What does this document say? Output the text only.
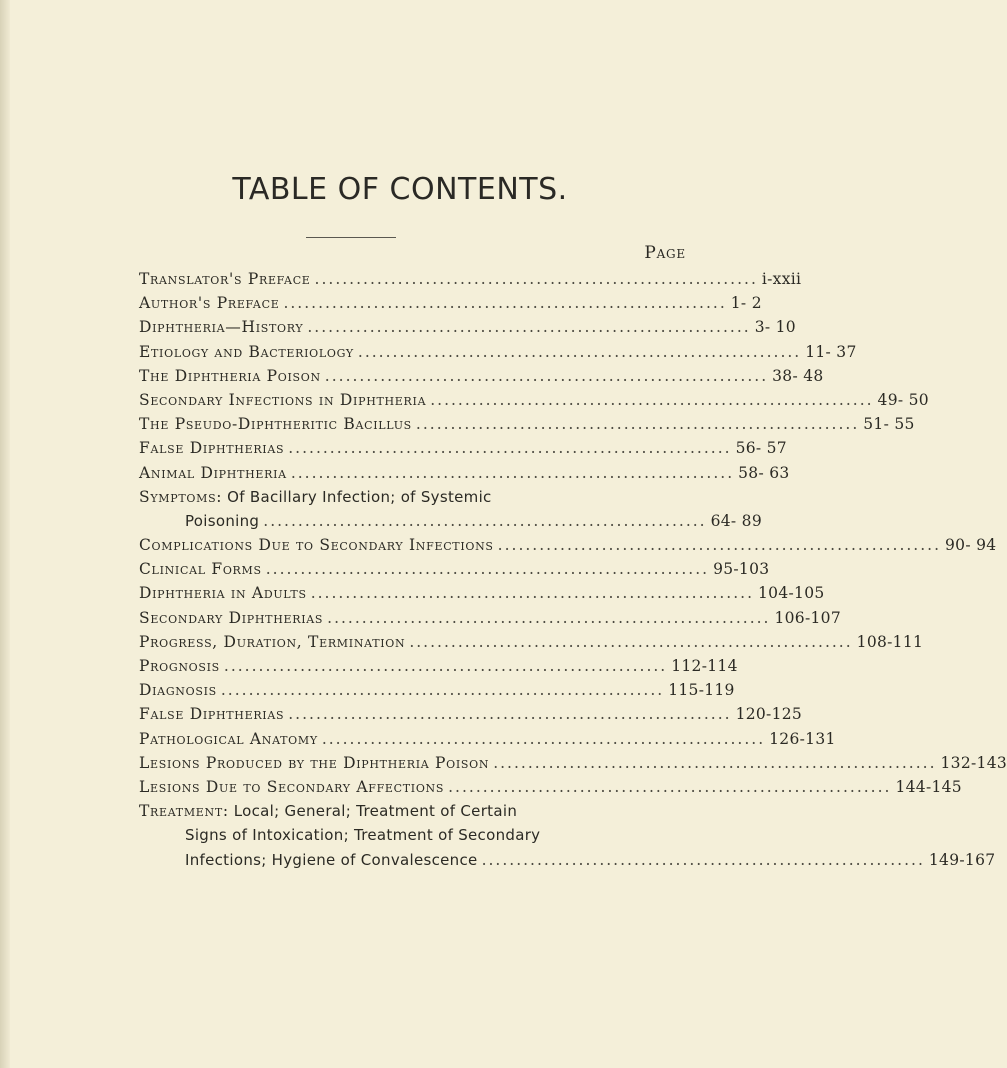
TABLE OF CONTENTS.
Page
Translator's Preface ................................................................ i-xxii
Author's Preface ................................................................ 1- 2
Diphtheria—History ................................................................ 3- 10
Etiology and Bacteriology ................................................................ 11- 37
The Diphtheria Poison ................................................................ 38- 48
Secondary Infections in Diphtheria ................................................................ 49- 50
The Pseudo-Diphtheritic Bacillus ................................................................ 51- 55
False Diphtherias ................................................................ 56- 57
Animal Diphtheria ................................................................ 58- 63
Symptoms: Of Bacillary Infection; of Systemic
Poisoning ................................................................ 64- 89
Complications Due to Secondary Infections ................................................................ 90- 94
Clinical Forms ................................................................ 95-103
Diphtheria in Adults ................................................................ 104-105
Secondary Diphtherias ................................................................ 106-107
Progress, Duration, Termination ................................................................ 108-111
Prognosis ................................................................ 112-114
Diagnosis ................................................................ 115-119
False Diphtherias ................................................................ 120-125
Pathological Anatomy ................................................................ 126-131
Lesions Produced by the Diphtheria Poison ................................................................ 132-143
Lesions Due to Secondary Affections ................................................................ 144-145
Treatment: Local; General; Treatment of Certain
Signs of Intoxication; Treatment of Secondary
Infections; Hygiene of Convalescence ................................................................ 149-167
